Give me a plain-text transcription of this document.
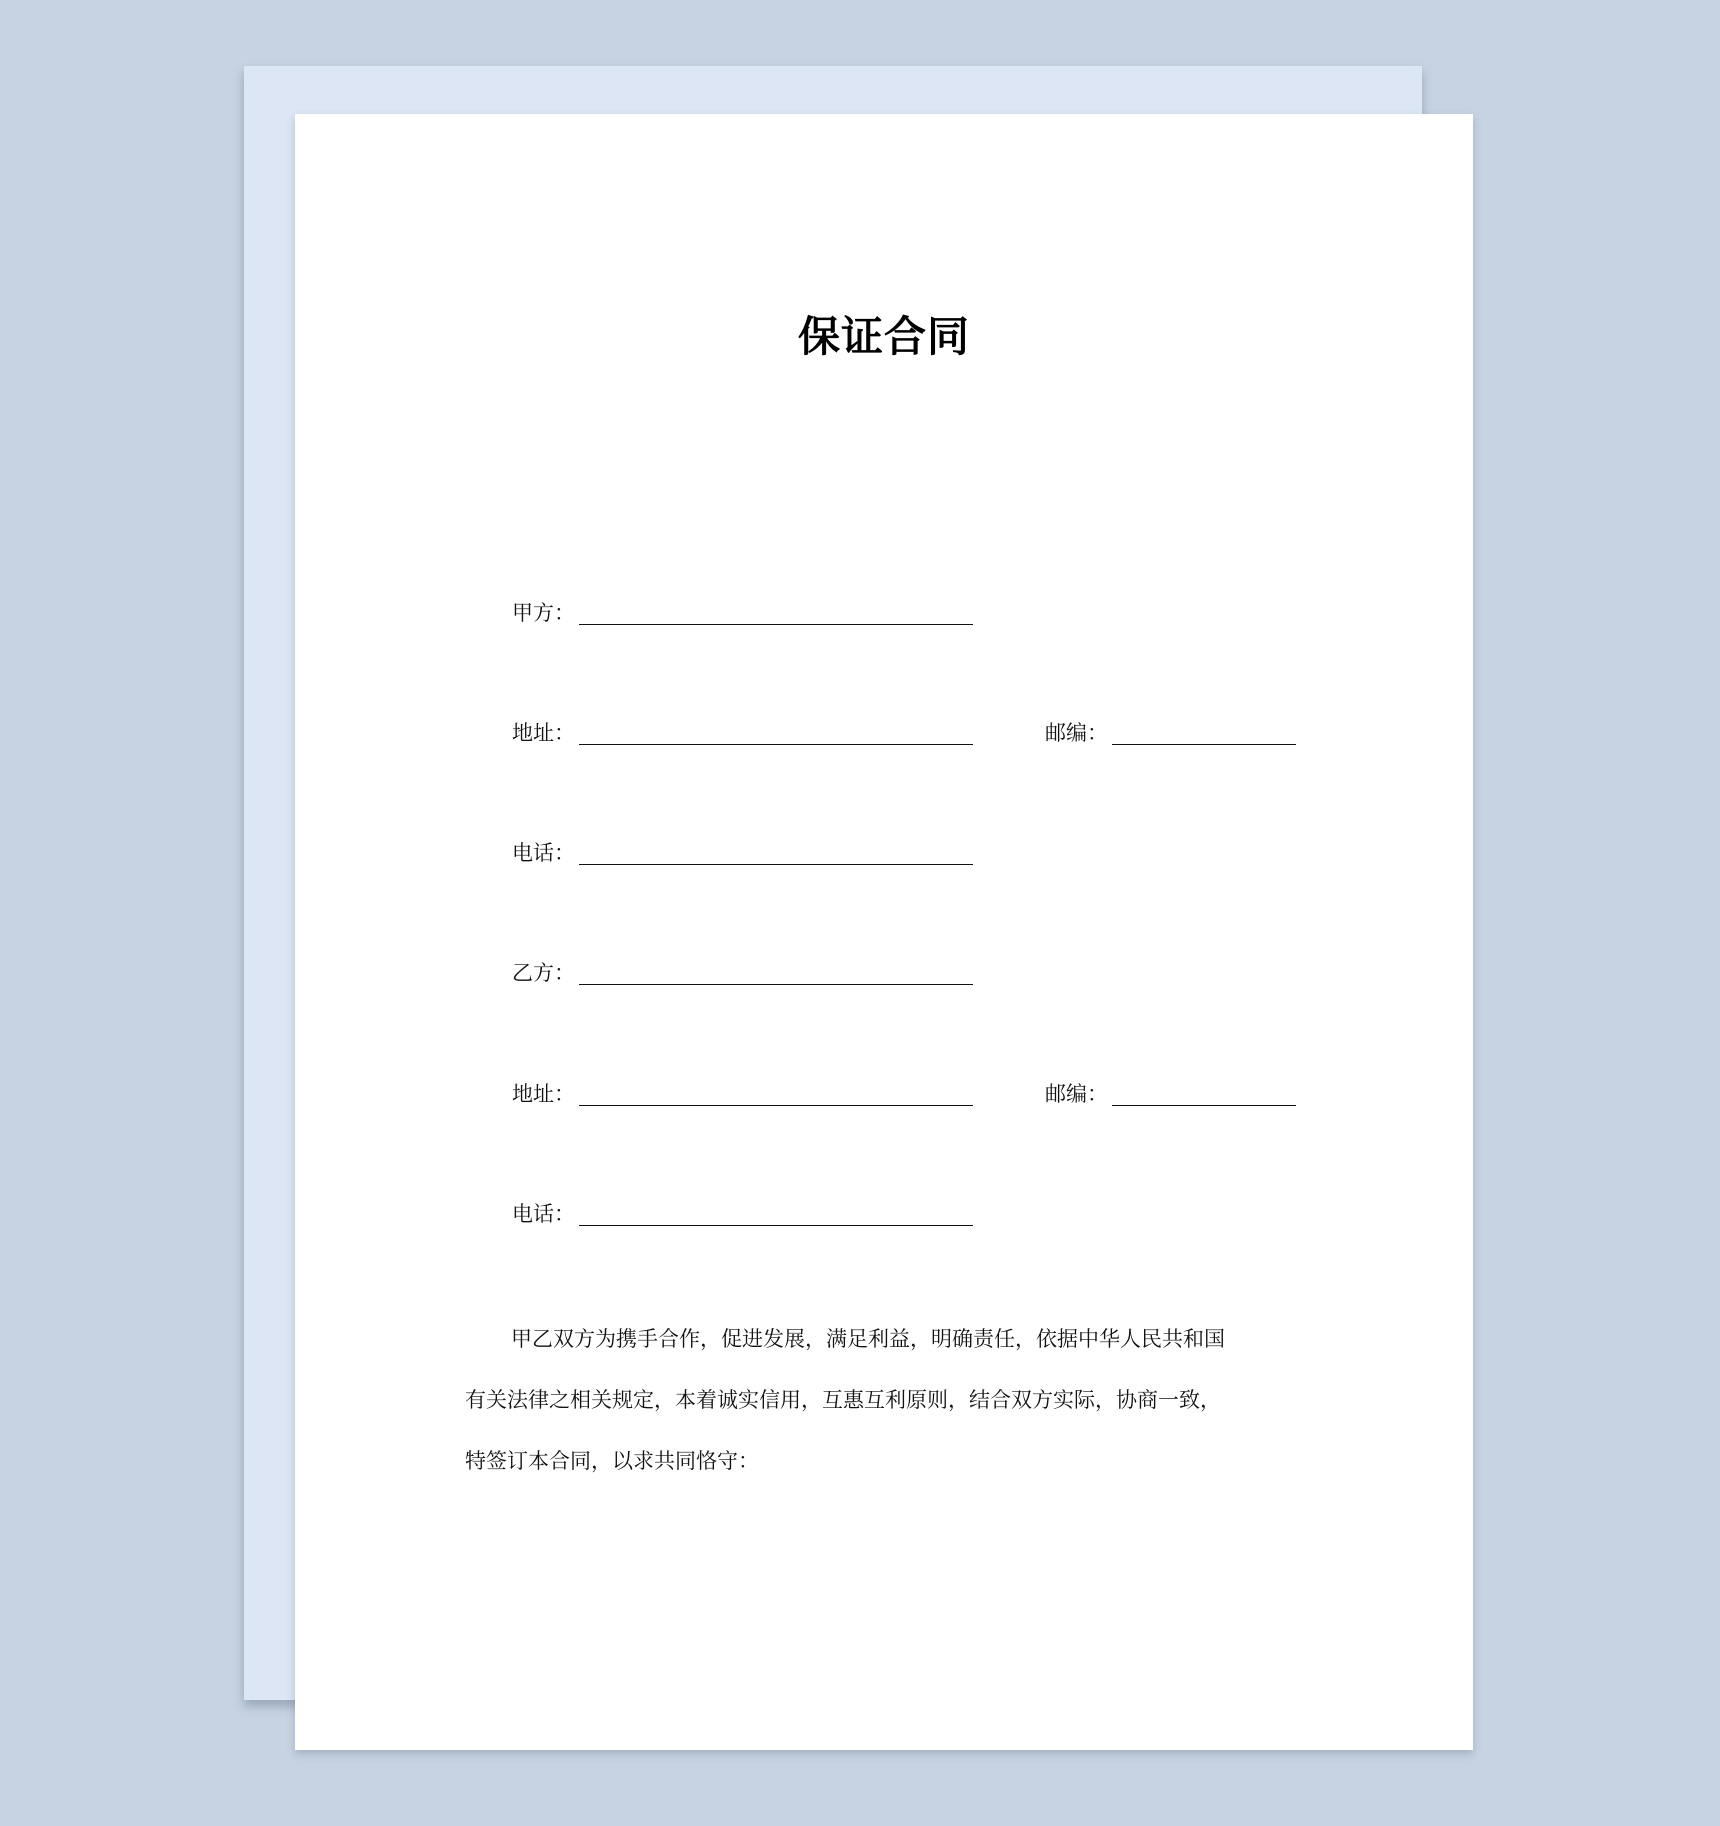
保证合同
甲方：
地址：	邮编：
电话：
乙方：
地址：	邮编：
电话：
甲乙双方为携手合作，促进发展，满足利益，明确责任，依据中华人民共和国
有关法律之相关规定，本着诚实信用，互惠互利原则，结合双方实际，协商一致，
特签订本合同，以求共同恪守：
